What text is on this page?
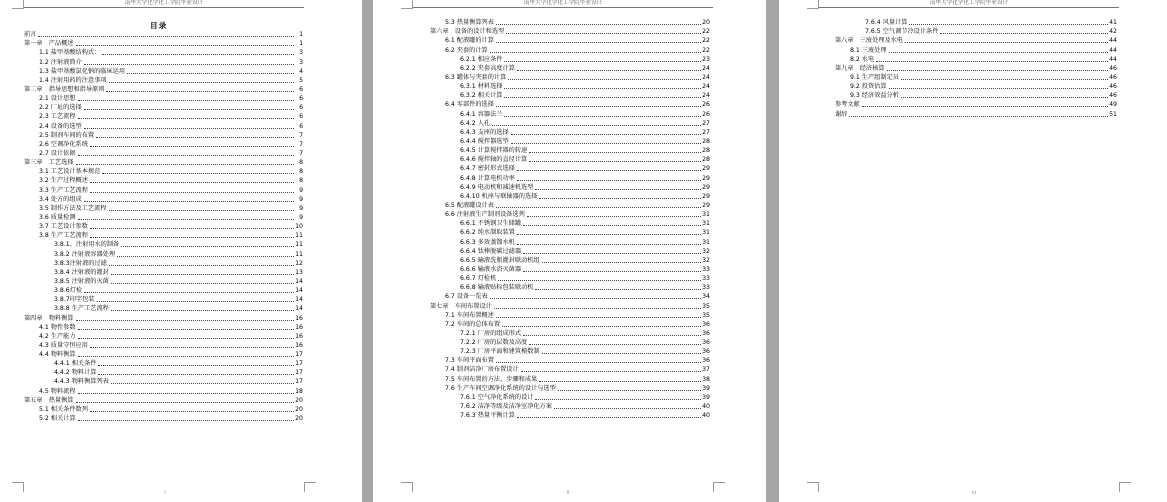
南华大学化学化工学院毕业设计
目录
前言	1
第一章　产品概述	1
1.1 盐甲基酸结构式：	3
1.2 注射液简介	3
1.3 盐甲基酸氯化钠的临床运用	4
1.4 注射用药的注意事项	5
第二章　指导思想和指导原则	6
2.1 设计思想	6
2.2 厂址的选择	6
2.3 工艺流程	6
2.4 设备的选型	6
2.5 制剂车间的布置	7
2.6 空调净化系统	7
2.7 设计依据	7
第三章　工艺选择	8
3.1 工艺设计基本规范	8
3.2 生产过程概述	8
3.3 生产工艺流程	9
3.4 处方的组成	9
3.5 制作方法及工艺流程	9
3.6 质量检测	9
3.7 工艺设计参数	10
3.8 生产工艺流程	11
3.8.1、注射用水的制备	11
3.8.2 注射液容器处理	11
3.8.3注射液的过滤	12
3.8.4 注射液的灌封	13
3.8.5 注射液的灭菌	14
3.8.6灯检	14
3.8.7印字包装	14
3.8.8 生产工艺流程	14
第四章　物料衡算	16
4.1 物性参数	16
4.2 生产能力	16
4.3 质量守恒应用	16
4.4 物料衡算	17
4.4.1 相关条件	17
4.4.2 物料计算	17
4.4.3 物料衡算列表	17
4.5 物料流程	18
第五章　热量衡算	20
5.1 相关条件数列	20
5.2 相关计算	20
I
南华大学化学化工学院毕业设计
5.3 热量衡算列表	20
第六章　设备的设计和选型	22
6.1 配液罐的计算	22
6.2 夹套的计算	22
6.2.1 相应条件	23
6.2.2 夹套高度计算	24
6.3 罐体与夹套的计算	24
6.3.1 材料选择	24
6.3.2 相关计算	24
6.4 零部件的选择	26
6.4.1 容器法兰	26
6.4.2 人孔	27
6.4.3 支座的选择	27
6.4.4 搅拌器选型	28
6.4.5 计算搅拌器的转速	28
6.4.6 搅拌轴的直径计算	28
6.4.7 密封形式选择	29
6.4.8 计算电机功率	29
6.4.9 电动机和减速机选型	29
6.4.10 机座与联轴器的选择	29
6.5 配液罐设计表	29
6.6 注射液生产制剂设备选列	31
6.6.1 不锈钢卫生储罐	31
6.6.2 纯水制取装置	31
6.6.3 多效蒸馏水机	31
6.6.4 钛棒脱碳过滤器	32
6.6.5 输液洗瓶灌封联动机组	32
6.6.6 输液水浴灭菌器	33
6.6.7 灯检机	33
6.6.8 输液贴标包装联动机	33
6.7 设备一览表	34
第七章　车间布置设计	35
7.1 车间布置概述	35
7.2 车间的总体布置	36
7.2.1 厂房的组成形式	36
7.2.2 厂房的层数及高度	36
7.2.3 厂房平面和建筑模数制	36
7.3 车间平面布置	36
7.4 制剂洁净厂房布置设计	37
7.5 车间布置的方法、步骤和成果	38
7.6 生产车间空调净化系统的设计与选型	39
7.6.1 空气净化系统的设计	39
7.6.2 洁净等级及洁净室净化方案	40
7.6.3 热量平衡计算	40
II
南华大学化学化工学院毕业设计
7.6.4 风量计算	41
7.6.5 空气调节冷设计条件	42
第八章　三废处理及水电	44
8.1 三废处理	44
8.2 水电	44
第九章　经济核算	46
9.1 生产组制定员	46
9.2 投资估算	46
9.3 经济效益分析	46
参考文献	49
谢辞	51
III
